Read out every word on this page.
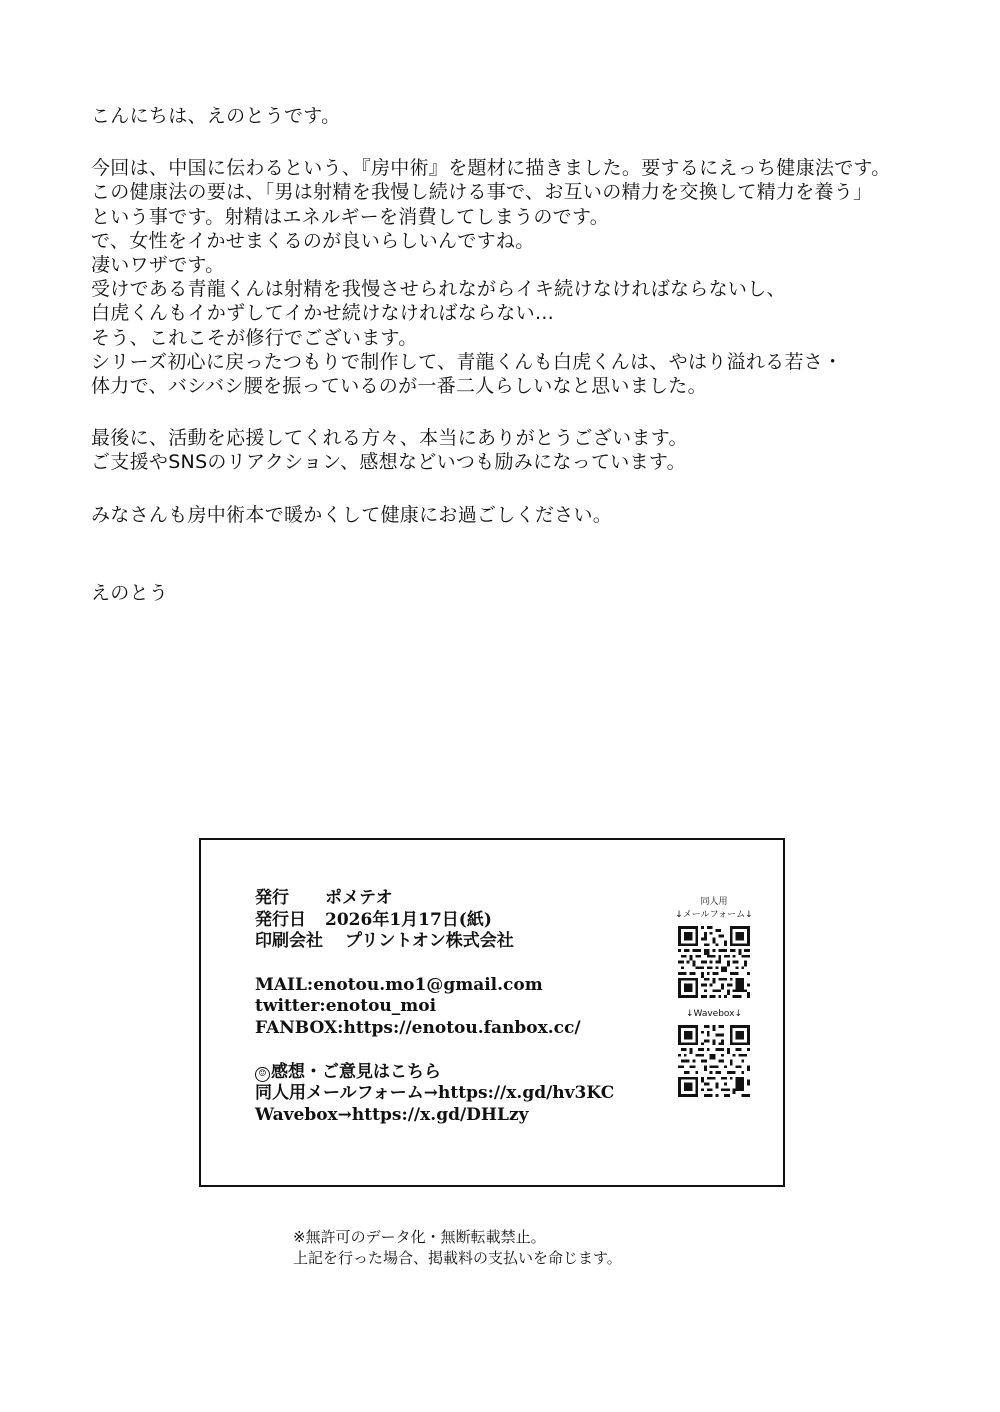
こんにちは、えのとうです。

今回は、中国に伝わるという、『房中術』を題材に描きました。要するにえっち健康法です。

この健康法の要は、「男は射精を我慢し続ける事で、お互いの精力を交換して精力を養う」

という事です。射精はエネルギーを消費してしまうのです。

で、女性をイかせまくるのが良いらしいんですね。

凄いワザです。

受けである青龍くんは射精を我慢させられながらイキ続けなければならないし、

白虎くんもイかずしてイかせ続けなければならない…

そう、これこそが修行でございます。

シリーズ初心に戻ったつもりで制作して、青龍くんも白虎くんは、やはり溢れる若さ・

体力で、バシバシ腰を振っているのが一番二人らしいなと思いました。

最後に、活動を応援してくれる方々、本当にありがとうございます。

ご支援やSNSのリアクション、感想などいつも励みになっています。

みなさんも房中術本で暖かくして健康にお過ごしください。

えのとう

発行 ポメテオ
発行日 2026年1月17日(紙)
印刷会社 プリントオン株式会社
MAIL:enotou.mo1@gmail.com
twitter:enotou_moi
FANBOX:https://enotou.fanbox.cc/
☺ 感想・ご意見はこちら
同人用メールフォーム→https://x.gd/hv3KC
Wavebox→https://x.gd/DHLzy
同人用
↓メールフォーム↓
↓Wavebox↓

※無許可のデータ化・無断転載禁止。

上記を行った場合、掲載料の支払いを命じます。
